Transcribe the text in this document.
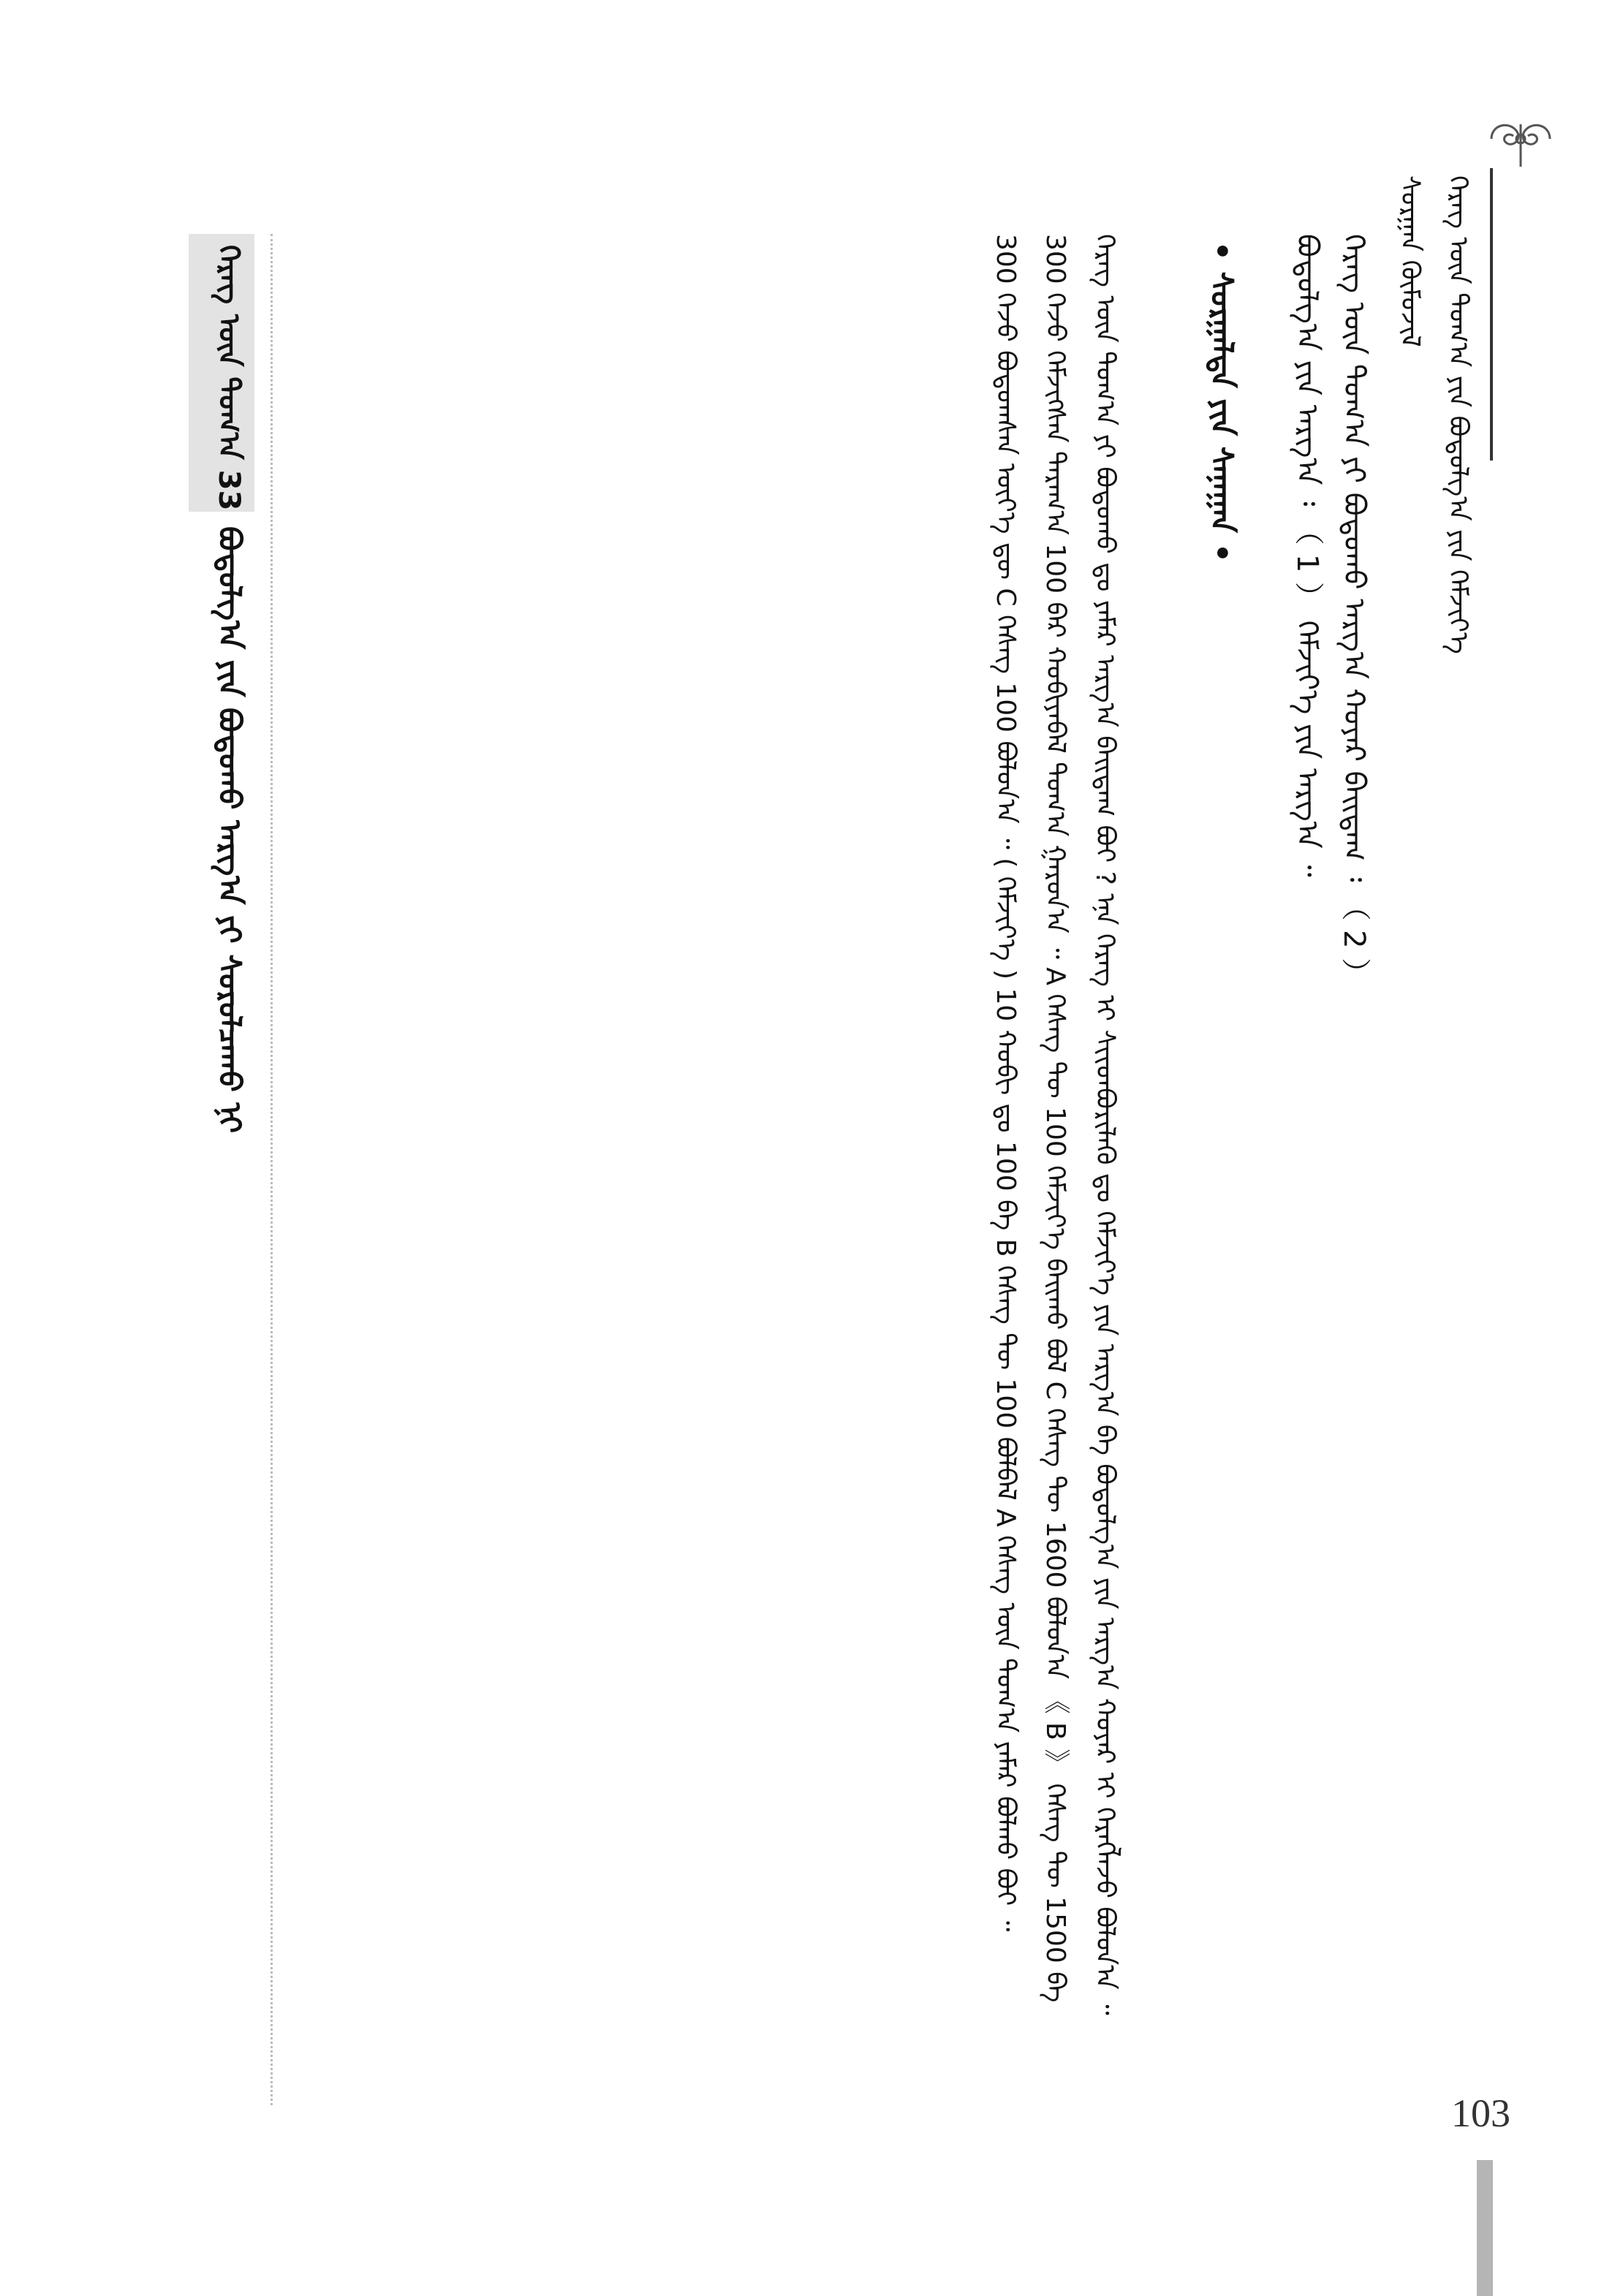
ᠬᠡᠷᠡᠭ ᠦᠨ ᠲᠣᠭ᠎ᠠ ᠶᠢᠨ ᠪᠣᠳᠣᠯᠭ᠎ᠠ ᠶᠢᠨ ᠬᠡᠮᠵᠢᠶ᠎ᠡ
ᠰᠤᠷᠭᠠᠨ ᠬᠦᠮᠦᠵᠢᠯ
ᠬᠡᠷᠡᠭ ᠦᠨ ᠲᠣᠭ᠎ᠠ ᠶᠢ ᠪᠣᠳᠣᠬᠤ ᠠᠷᠭ᠎ᠠ ᠬᠣᠶᠠᠷ ᠪᠠᠢᠳᠠᠭ ᠄ （ 2 ）
ᠪᠣᠳᠣᠯᠭ᠎ᠠ ᠶᠢᠨ ᠠᠷᠭ᠎ᠠ ᠄ （ 1 ） ᠬᠡᠮᠵᠢᠶ᠎ᠡ ᠶᠢᠨ ᠠᠷᠭ᠎ᠠ ᠃
• ᠰᠤᠷᠭᠠᠯᠲᠠ ᠶᠢᠨ ᠰᠠᠨᠠᠭᠠᠨ •
ᠬᠡᠷᠡᠭ ᠦᠨ ᠲᠣᠭ᠎ᠠ ᠶᠢ ᠪᠣᠳᠣᠬᠤ ᠳᠤ ᠶᠠᠮᠠᠷ ᠠᠷᠭ᠎ᠠ ᠪᠠᠢᠳᠠᠭ ᠪᠤᠢ ? ᠡᠨᠡ ᠬᠡᠷᠡᠭ ᠢ ᠰᠢᠢᠳᠪᠦᠷᠢᠯᠡᠬᠦ ᠳᠤ ᠬᠡᠮᠵᠢᠶ᠎ᠡ ᠶᠢᠨ ᠠᠷᠭ᠎ᠠ ᠪᠠ ᠪᠣᠳᠣᠯᠭ᠎ᠠ ᠶᠢᠨ ᠠᠷᠭ᠎ᠠ ᠬᠣᠶᠠᠷ ᠢ ᠬᠡᠷᠡᠭᠯᠡᠵᠦ ᠪᠣᠯᠣᠨ᠎ᠠ ᠃ 300 ᠭᠡᠵᠦ ᠬᠡᠮᠵᠢᠭᠰᠡᠨ ᠳᠠᠷᠠᠭ᠎ᠠ 100 ᠪᠠᠷ ᠬᠤᠪᠢᠶᠠᠪᠠᠯ ᠲᠣᠭ᠎ᠠ ᠭᠠᠷᠤᠨ᠎ᠠ ᠃ A ᠬᠡᠰᠡᠭ ᠲᠦ 100 ᠬᠡᠮᠵᠢᠶ᠎ᠡ ᠪᠠᠢᠬᠤ ᠪᠣᠯ C ᠬᠡᠰᠡᠭ ᠲᠦ 1600 ᠪᠣᠯᠣᠨ᠎ᠠ 《 B 》 ᠬᠡᠰᠡᠭ ᠲᠦ 1500 ᠪᠠ 300 ᠭᠡᠵᠦ ᠪᠣᠳᠣᠭᠰᠠᠨ ᠦᠶ᠎ᠡ ᠳᠦ C ᠬᠡᠰᠡᠭ 100 ᠪᠣᠯᠣᠨ᠎ᠠ ᠃ ( ᠬᠡᠮᠵᠢᠶ᠎ᠡ ) 10 ᠬᠤᠪᠢ ᠳᠤ 100 ᠪᠠ B ᠬᠡᠰᠡᠭ ᠲᠦ 100 ᠪᠣᠯᠪᠠᠯ A ᠬᠡᠰᠡᠭ ᠦᠨ ᠲᠣᠭ᠎ᠠ ᠶᠠᠮᠠᠷ ᠪᠣᠯᠬᠤ ᠪᠤᠢ ᠃
ᠬᠡᠷᠡᠭ ᠦᠨ ᠲᠣᠭ᠎ᠠ 33
ᠪᠣᠳᠣᠯᠭ᠎ᠠ ᠶᠢᠨ ᠪᠣᠳᠣᠬᠤ ᠠᠷᠭ᠎ᠠ ᠶᠢ ᠰᠤᠷᠤᠯᠴᠠᠬᠤ ᠨᠢ
103
